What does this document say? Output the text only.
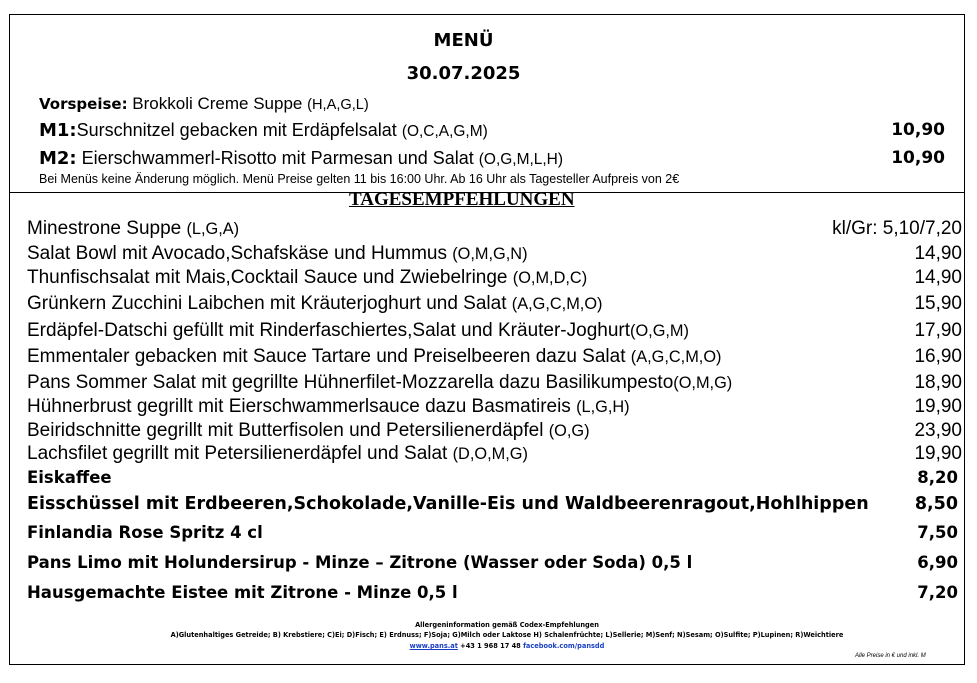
MENÜ
30.07.2025
Vorspeise: Brokkoli Creme Suppe (H,A,G,L)
M1:Surschnitzel gebacken mit Erdäpfelsalat (O,C,A,G,M)	10,90
M2: Eierschwammerl-Risotto mit Parmesan und Salat (O,G,M,L,H)	10,90
Bei Menüs keine Änderung möglich. Menü Preise gelten 11 bis 16:00 Uhr. Ab 16 Uhr als Tagesteller Aufpreis von 2€
TAGESEMPFEHLUNGEN
Minestrone Suppe (L,G,A)	kl/Gr: 5,10/7,20
Salat Bowl mit Avocado,Schafskäse und Hummus (O,M,G,N)	14,90
Thunfischsalat mit Mais,Cocktail Sauce und Zwiebelringe (O,M,D,C)	14,90
Grünkern Zucchini Laibchen mit Kräuterjoghurt und Salat (A,G,C,M,O)	15,90
Erdäpfel-Datschi gefüllt mit Rinderfaschiertes,Salat und Kräuter-Joghurt(O,G,M)	17,90
Emmentaler gebacken mit Sauce Tartare und Preiselbeeren dazu Salat (A,G,C,M,O)	16,90
Pans Sommer Salat mit gegrillte Hühnerfilet-Mozzarella dazu Basilikumpesto(O,M,G)	18,90
Hühnerbrust gegrillt mit Eierschwammerlsauce dazu Basmatireis (L,G,H)	19,90
Beiridschnitte gegrillt mit Butterfisolen und Petersilienerdäpfel (O,G)	23,90
Lachsfilet gegrillt mit Petersilienerdäpfel und Salat (D,O,M,G)	19,90
Eiskaffee	8,20
Eisschüssel mit Erdbeeren,Schokolade,Vanille-Eis und Waldbeerenragout,Hohlhippen	8,50
Finlandia Rose Spritz 4 cl	7,50
Pans Limo mit Holundersirup - Minze – Zitrone (Wasser oder Soda) 0,5 l	6,90
Hausgemachte Eistee mit Zitrone - Minze 0,5 l	7,20
Allergeninformation gemäß Codex-Empfehlungen
A)Glutenhaltiges Getreide; B) Krebstiere; C)Ei; D)Fisch; E) Erdnuss; F)Soja; G)Milch oder Laktose H) Schalenfrüchte; L)Sellerie; M)Senf; N)Sesam; O)Sulfite; P)Lupinen; R)Weichtiere
www.pans.at +43 1 968 17 48 facebook.com/pansdd
Alle Preise in € und inkl. M
